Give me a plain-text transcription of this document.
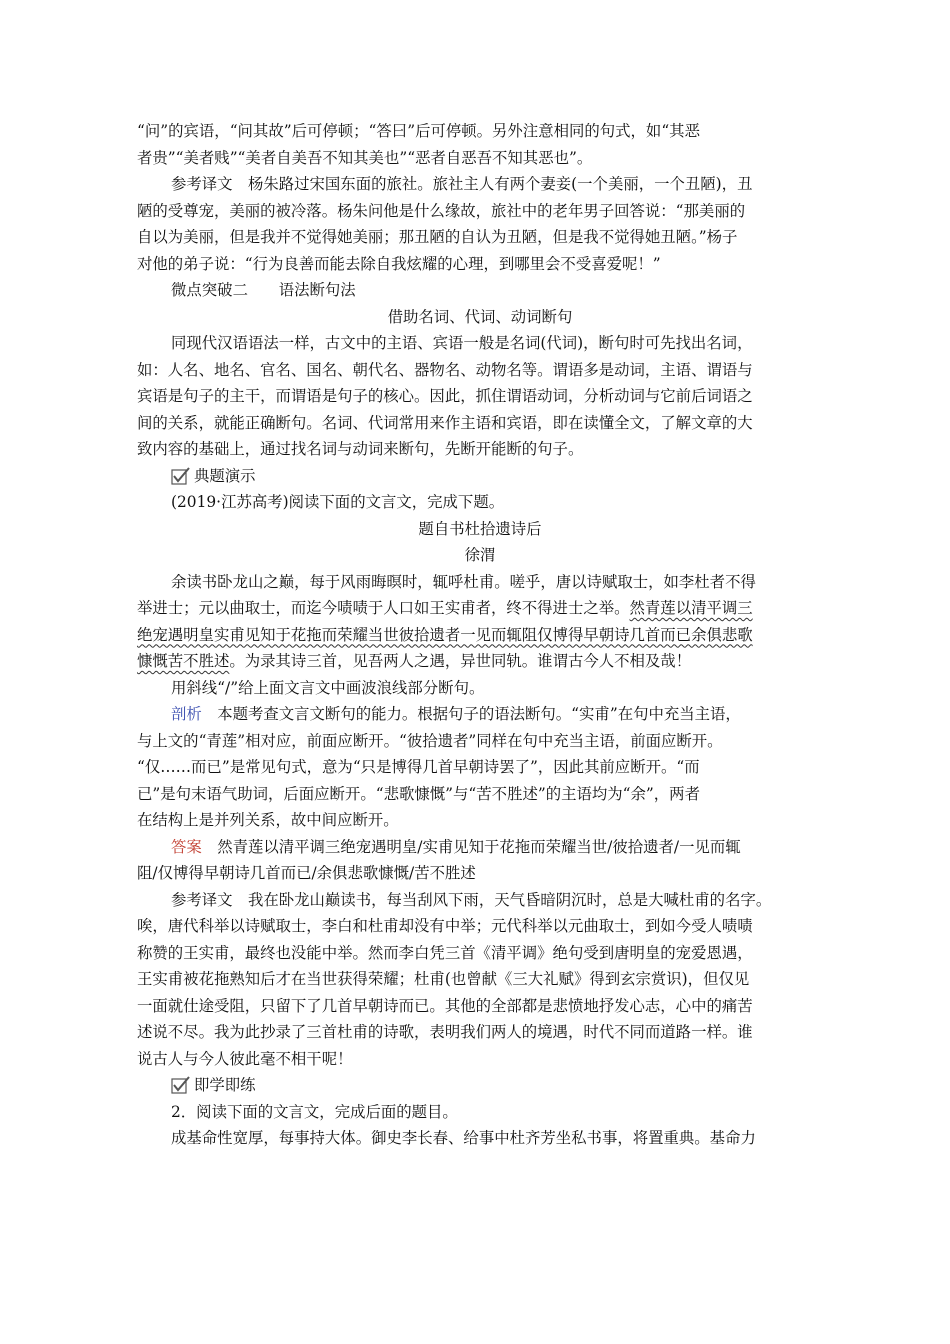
“问”的宾语，“问其故”后可停顿；“答曰”后可停顿。另外注意相同的句式，如“其恶
者贵”“美者贱”“美者自美吾不知其美也”“恶者自恶吾不知其恶也”。
参考译文　杨朱路过宋国东面的旅社。旅社主人有两个妻妾(一个美丽，一个丑陋)，丑
陋的受尊宠，美丽的被冷落。杨朱问他是什么缘故，旅社中的老年男子回答说：“那美丽的
自以为美丽，但是我并不觉得她美丽；那丑陋的自认为丑陋，但是我不觉得她丑陋。”杨子
对他的弟子说：“行为良善而能去除自我炫耀的心理，到哪里会不受喜爱呢！”
微点突破二　　语法断句法
借助名词、代词、动词断句
同现代汉语语法一样，古文中的主语、宾语一般是名词(代词)，断句时可先找出名词，
如：人名、地名、官名、国名、朝代名、器物名、动物名等。谓语多是动词，主语、谓语与
宾语是句子的主干，而谓语是句子的核心。因此，抓住谓语动词，分析动词与它前后词语之
间的关系，就能正确断句。名词、代词常用来作主语和宾语，即在读懂全文，了解文章的大
致内容的基础上，通过找名词与动词来断句，先断开能断的句子。
典题演示
(2019·江苏高考)阅读下面的文言文，完成下题。
题自书杜拾遗诗后
徐渭
余读书卧龙山之巅，每于风雨晦暝时，辄呼杜甫。嗟乎，唐以诗赋取士，如李杜者不得
举进士；元以曲取士，而迄今啧啧于人口如王实甫者，终不得进士之举。然青莲以清平调三
绝宠遇明皇实甫见知于花拖而荣耀当世彼拾遗者一见而辄阻仅博得早朝诗几首而已余俱悲歌
慷慨苦不胜述。为录其诗三首，见吾两人之遇，异世同轨。谁谓古今人不相及哉！
用斜线“/”给上面文言文中画波浪线部分断句。
剖析　本题考查文言文断句的能力。根据句子的语法断句。“实甫”在句中充当主语，
与上文的“青莲”相对应，前面应断开。“彼拾遗者”同样在句中充当主语，前面应断开。
“仅……而已”是常见句式，意为“只是博得几首早朝诗罢了”，因此其前应断开。“而
已”是句末语气助词，后面应断开。“悲歌慷慨”与“苦不胜述”的主语均为“余”，两者
在结构上是并列关系，故中间应断开。
答案　然青莲以清平调三绝宠遇明皇/实甫见知于花拖而荣耀当世/彼拾遗者/一见而辄
阻/仅博得早朝诗几首而已/余俱悲歌慷慨/苦不胜述
参考译文　我在卧龙山巅读书，每当刮风下雨，天气昏暗阴沉时，总是大喊杜甫的名字。
唉，唐代科举以诗赋取士，李白和杜甫却没有中举；元代科举以元曲取士，到如今受人啧啧
称赞的王实甫，最终也没能中举。然而李白凭三首《清平调》绝句受到唐明皇的宠爱恩遇，
王实甫被花拖熟知后才在当世获得荣耀；杜甫(也曾献《三大礼赋》得到玄宗赏识)，但仅见
一面就仕途受阻，只留下了几首早朝诗而已。其他的全部都是悲愤地抒发心志，心中的痛苦
述说不尽。我为此抄录了三首杜甫的诗歌，表明我们两人的境遇，时代不同而道路一样。谁
说古人与今人彼此毫不相干呢！
即学即练
2．阅读下面的文言文，完成后面的题目。
成基命性宽厚，每事持大体。御史李长春、给事中杜齐芳坐私书事，将置重典。基命力
